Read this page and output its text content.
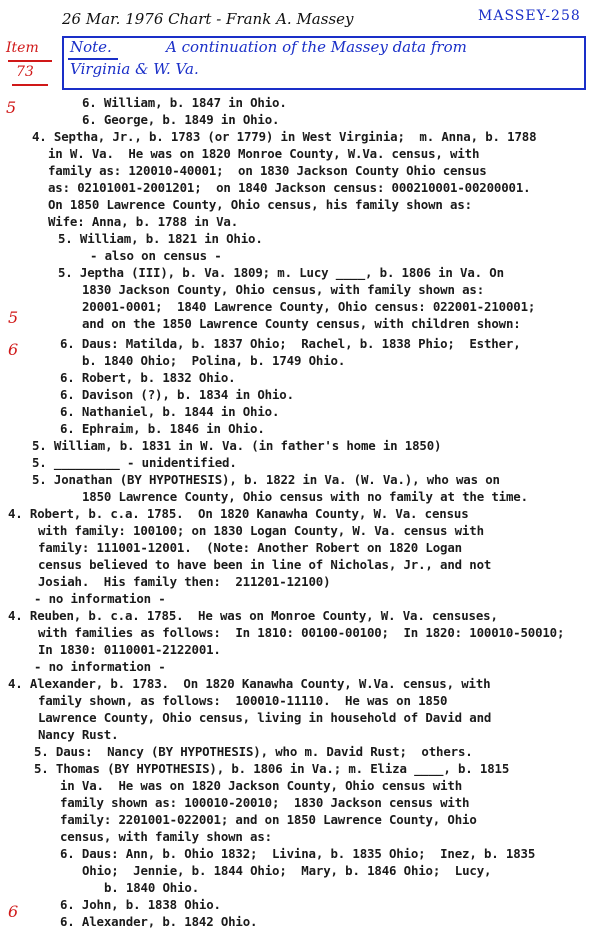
26 Mar. 1976 Chart - Frank A. Massey	MASSEY-258
Item
73
Note.	A continuation of the Massey data from
Virginia & W. Va.
5
5
6
6
6. William, b. 1847 in Ohio.
6. George, b. 1849 in Ohio.
4. Septha, Jr., b. 1783 (or 1779) in West Virginia;  m. Anna, b. 1788
in W. Va.  He was on 1820 Monroe County, W.Va. census, with
family as: 120010-40001;  on 1830 Jackson County Ohio census
as: 02101001-2001201;  on 1840 Jackson census: 000210001-00200001.
On 1850 Lawrence County, Ohio census, his family shown as:
Wife: Anna, b. 1788 in Va.
5. William, b. 1821 in Ohio.
- also on census -
5. Jeptha (III), b. Va. 1809; m. Lucy ____, b. 1806 in Va. On
1830 Jackson County, Ohio census, with family shown as:
20001-0001;  1840 Lawrence County, Ohio census: 022001-210001;
and on the 1850 Lawrence County census, with children shown:
6. Daus: Matilda, b. 1837 Ohio;  Rachel, b. 1838 Phio;  Esther,
b. 1840 Ohio;  Polina, b. 1749 Ohio.
6. Robert, b. 1832 Ohio.
6. Davison (?), b. 1834 in Ohio.
6. Nathaniel, b. 1844 in Ohio.
6. Ephraim, b. 1846 in Ohio.
5. William, b. 1831 in W. Va. (in father's home in 1850)
5. _________ - unidentified.
5. Jonathan (BY HYPOTHESIS), b. 1822 in Va. (W. Va.), who was on
1850 Lawrence County, Ohio census with no family at the time.
4. Robert, b. c.a. 1785.  On 1820 Kanawha County, W. Va. census
with family: 100100; on 1830 Logan County, W. Va. census with
family: 111001-12001.  (Note: Another Robert on 1820 Logan
census believed to have been in line of Nicholas, Jr., and not
Josiah.  His family then:  211201-12100)
- no information -
4. Reuben, b. c.a. 1785.  He was on Monroe County, W. Va. censuses,
with families as follows:  In 1810: 00100-00100;  In 1820: 100010-50010;
In 1830: 0110001-2122001.
- no information -
4. Alexander, b. 1783.  On 1820 Kanawha County, W.Va. census, with
family shown, as follows:  100010-11110.  He was on 1850
Lawrence County, Ohio census, living in household of David and
Nancy Rust.
5. Daus:  Nancy (BY HYPOTHESIS), who m. David Rust;  others.
5. Thomas (BY HYPOTHESIS), b. 1806 in Va.; m. Eliza ____, b. 1815
in Va.  He was on 1820 Jackson County, Ohio census with
family shown as: 100010-20010;  1830 Jackson census with
family: 2201001-022001; and on 1850 Lawrence County, Ohio
census, with family shown as:
6. Daus: Ann, b. Ohio 1832;  Livina, b. 1835 Ohio;  Inez, b. 1835
Ohio;  Jennie, b. 1844 Ohio;  Mary, b. 1846 Ohio;  Lucy,
b. 1840 Ohio.
6. John, b. 1838 Ohio.
6. Alexander, b. 1842 Ohio.
